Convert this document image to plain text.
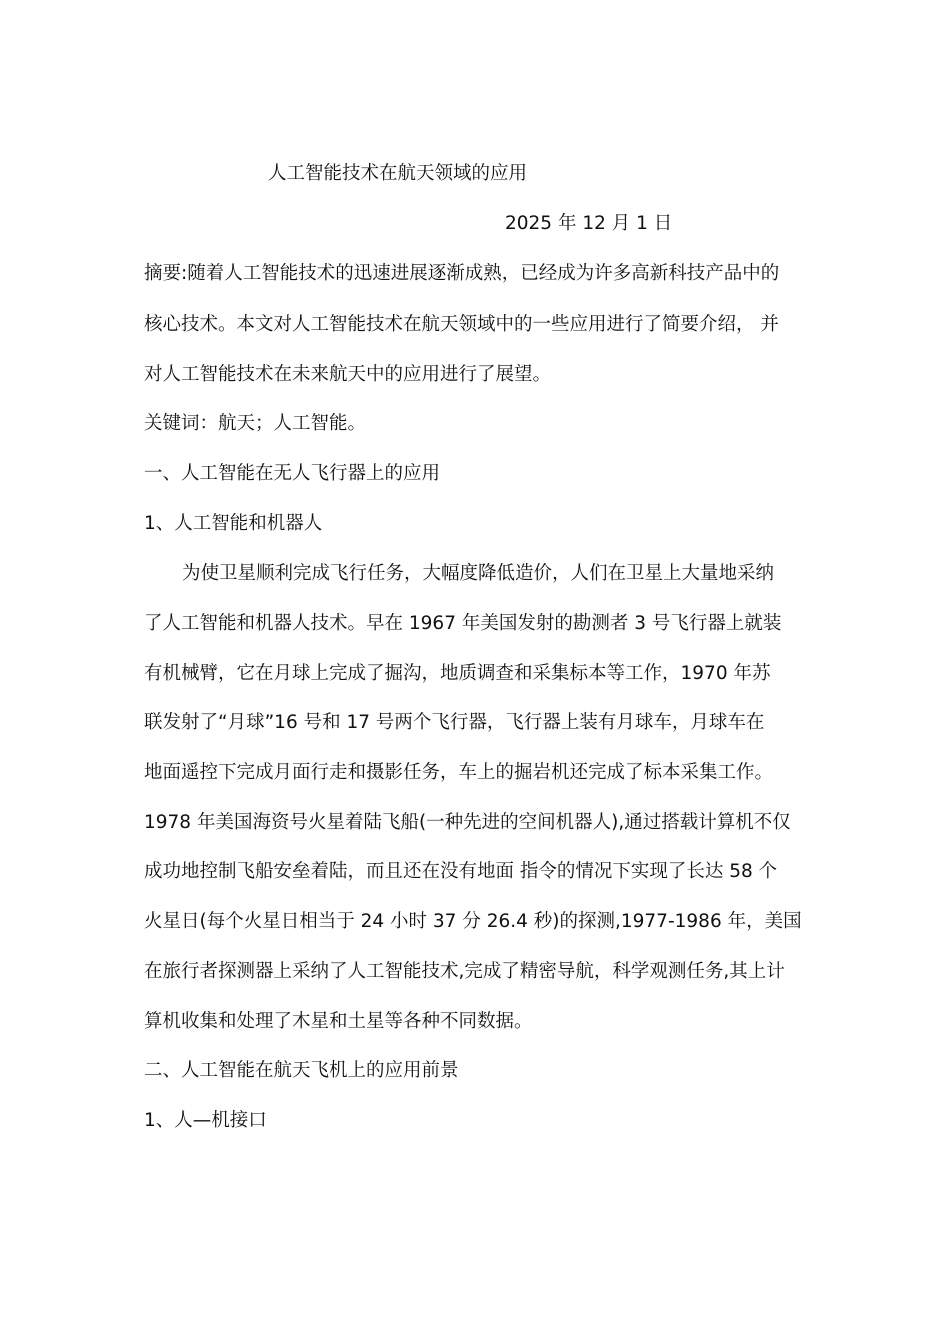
人工智能技术在航天领域的应用
2025 年 12 月 1 日
摘要:随着人工智能技术的迅速进展逐渐成熟，已经成为许多高新科技产品中的
核心技术。本文对人工智能技术在航天领域中的一些应用进行了简要介绍， 并
对人工智能技术在未来航天中的应用进行了展望。
关键词：航天；人工智能。
一、人工智能在无人飞行器上的应用
1、人工智能和机器人
为使卫星顺利完成飞行任务，大幅度降低造价，人们在卫星上大量地采纳
了人工智能和机器人技术。早在 1967 年美国发射的勘测者 3 号飞行器上就装
有机械臂，它在月球上完成了掘沟，地质调查和采集标本等工作，1970 年苏
联发射了“月球”16 号和 17 号两个飞行器，飞行器上装有月球车，月球车在
地面遥控下完成月面行走和摄影任务，车上的掘岩机还完成了标本采集工作。
1978 年美国海资号火星着陆飞船(一种先进的空间机器人),通过搭载计算机不仅
成功地控制飞船安垒着陆，而且还在没有地面 指令的情况下实现了长达 58 个
火星日(每个火星日相当于 24 小时 37 分 26.4 秒)的探测,1977-1986 年，美国
在旅行者探测器上采纳了人工智能技术,完成了精密导航，科学观测任务,其上计
算机收集和处理了木星和土星等各种不同数据。
二、人工智能在航天飞机上的应用前景
1、人—机接口
